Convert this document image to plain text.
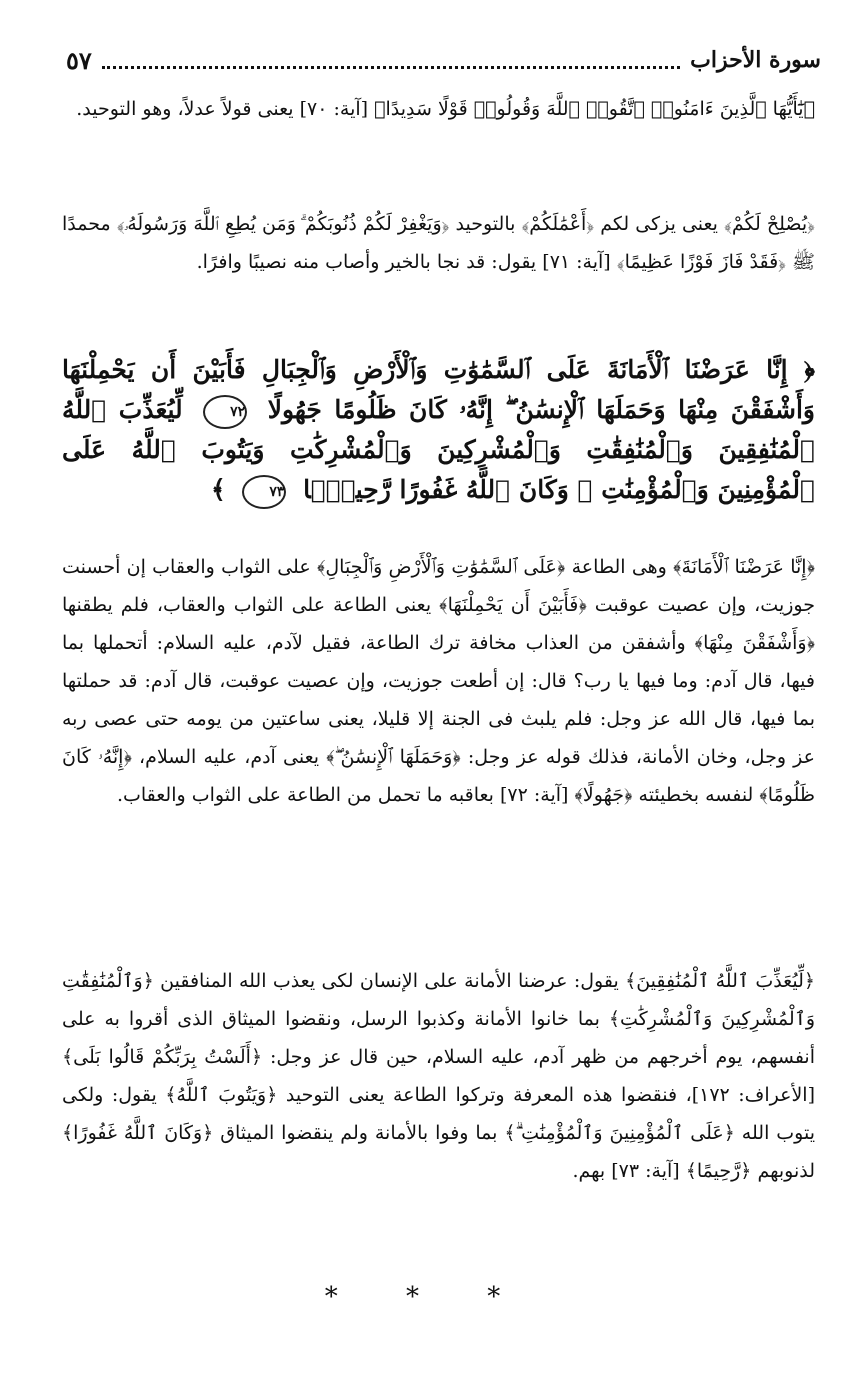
سورة الأحزاب
٥٧
﴿يَٰٓأَيُّهَا ٱلَّذِينَ ءَامَنُوا۟ ٱتَّقُوا۟ ٱللَّهَ وَقُولُوا۟ قَوْلًا سَدِيدًا﴾ [آية: ٧٠] يعنى قولاً عدلاً، وهو التوحيد.
﴿يُصْلِحْ لَكُمْ﴾ يعنى يزكى لكم ﴿أَعْمَٰلَكُمْ﴾ بالتوحيد ﴿وَيَغْفِرْ لَكُمْ ذُنُوبَكُمْ ۗ وَمَن يُطِعِ ٱللَّهَ وَرَسُولَهُۥ﴾ محمدًا ﷺ ﴿فَقَدْ فَازَ فَوْزًا عَظِيمًا﴾ [آية: ٧١] يقول: قد نجا بالخير وأصاب منه نصيبًا وافرًا.
﴿ إِنَّا عَرَضْنَا ٱلْأَمَانَةَ عَلَى ٱلسَّمَٰوَٰتِ وَٱلْأَرْضِ وَٱلْجِبَالِ فَأَبَيْنَ أَن يَحْمِلْنَهَا وَأَشْفَقْنَ مِنْهَا وَحَمَلَهَا ٱلْإِنسَٰنُ ۖ إِنَّهُۥ كَانَ ظَلُومًا جَهُولًا ٧٢ لِّيُعَذِّبَ ٱللَّهُ ٱلْمُنَٰفِقِينَ وَٱلْمُنَٰفِقَٰتِ وَٱلْمُشْرِكِينَ وَٱلْمُشْرِكَٰتِ وَيَتُوبَ ٱللَّهُ عَلَى ٱلْمُؤْمِنِينَ وَٱلْمُؤْمِنَٰتِ ۗ وَكَانَ ٱللَّهُ غَفُورًا رَّحِيمًۢا ٧٣ ﴾
﴿إِنَّا عَرَضْنَا ٱلْأَمَانَةَ﴾ وهى الطاعة ﴿عَلَى ٱلسَّمَٰوَٰتِ وَٱلْأَرْضِ وَٱلْجِبَالِ﴾ على الثواب والعقاب إن أحسنت جوزيت، وإن عصيت عوقبت ﴿فَأَبَيْنَ أَن يَحْمِلْنَهَا﴾ يعنى الطاعة على الثواب والعقاب، فلم يطقنها ﴿وَأَشْفَقْنَ مِنْهَا﴾ وأشفقن من العذاب مخافة ترك الطاعة، فقيل لآدم، عليه السلام: أتحملها بما فيها، قال آدم: وما فيها يا رب؟ قال: إن أطعت جوزيت، وإن عصيت عوقبت، قال آدم: قد حملتها بما فيها، قال الله عز وجل: فلم يلبث فى الجنة إلا قليلا، يعنى ساعتين من يومه حتى عصى ربه عز وجل، وخان الأمانة، فذلك قوله عز وجل: ﴿وَحَمَلَهَا ٱلْإِنسَٰنُ ۖ﴾ يعنى آدم، عليه السلام، ﴿إِنَّهُۥ كَانَ ظَلُومًا﴾ لنفسه بخطيئته ﴿جَهُولًا﴾ [آية: ٧٢] بعاقبه ما تحمل من الطاعة على الثواب والعقاب.
﴿لِّيُعَذِّبَ ٱللَّهُ ٱلْمُنَٰفِقِينَ﴾ يقول: عرضنا الأمانة على الإنسان لكى يعذب الله المنافقين ﴿وَٱلْمُنَٰفِقَٰتِ وَٱلْمُشْرِكِينَ وَٱلْمُشْرِكَٰتِ﴾ بما خانوا الأمانة وكذبوا الرسل، ونقضوا الميثاق الذى أقروا به على أنفسهم، يوم أخرجهم من ظهر آدم، عليه السلام، حين قال عز وجل: ﴿أَلَسْتُ بِرَبِّكُمْ قَالُوا بَلَى﴾ [الأعراف: ١٧٢]، فنقضوا هذه المعرفة وتركوا الطاعة يعنى التوحيد ﴿وَيَتُوبَ ٱللَّهُ﴾ يقول: ولكى يتوب الله ﴿عَلَى ٱلْمُؤْمِنِينَ وَٱلْمُؤْمِنَٰتِ ۗ﴾ بما وفوا بالأمانة ولم ينقضوا الميثاق ﴿وَكَانَ ٱللَّهُ غَفُورًا﴾ لذنوبهم ﴿رَّحِيمًا﴾ [آية: ٧٣] بهم.
* * *
